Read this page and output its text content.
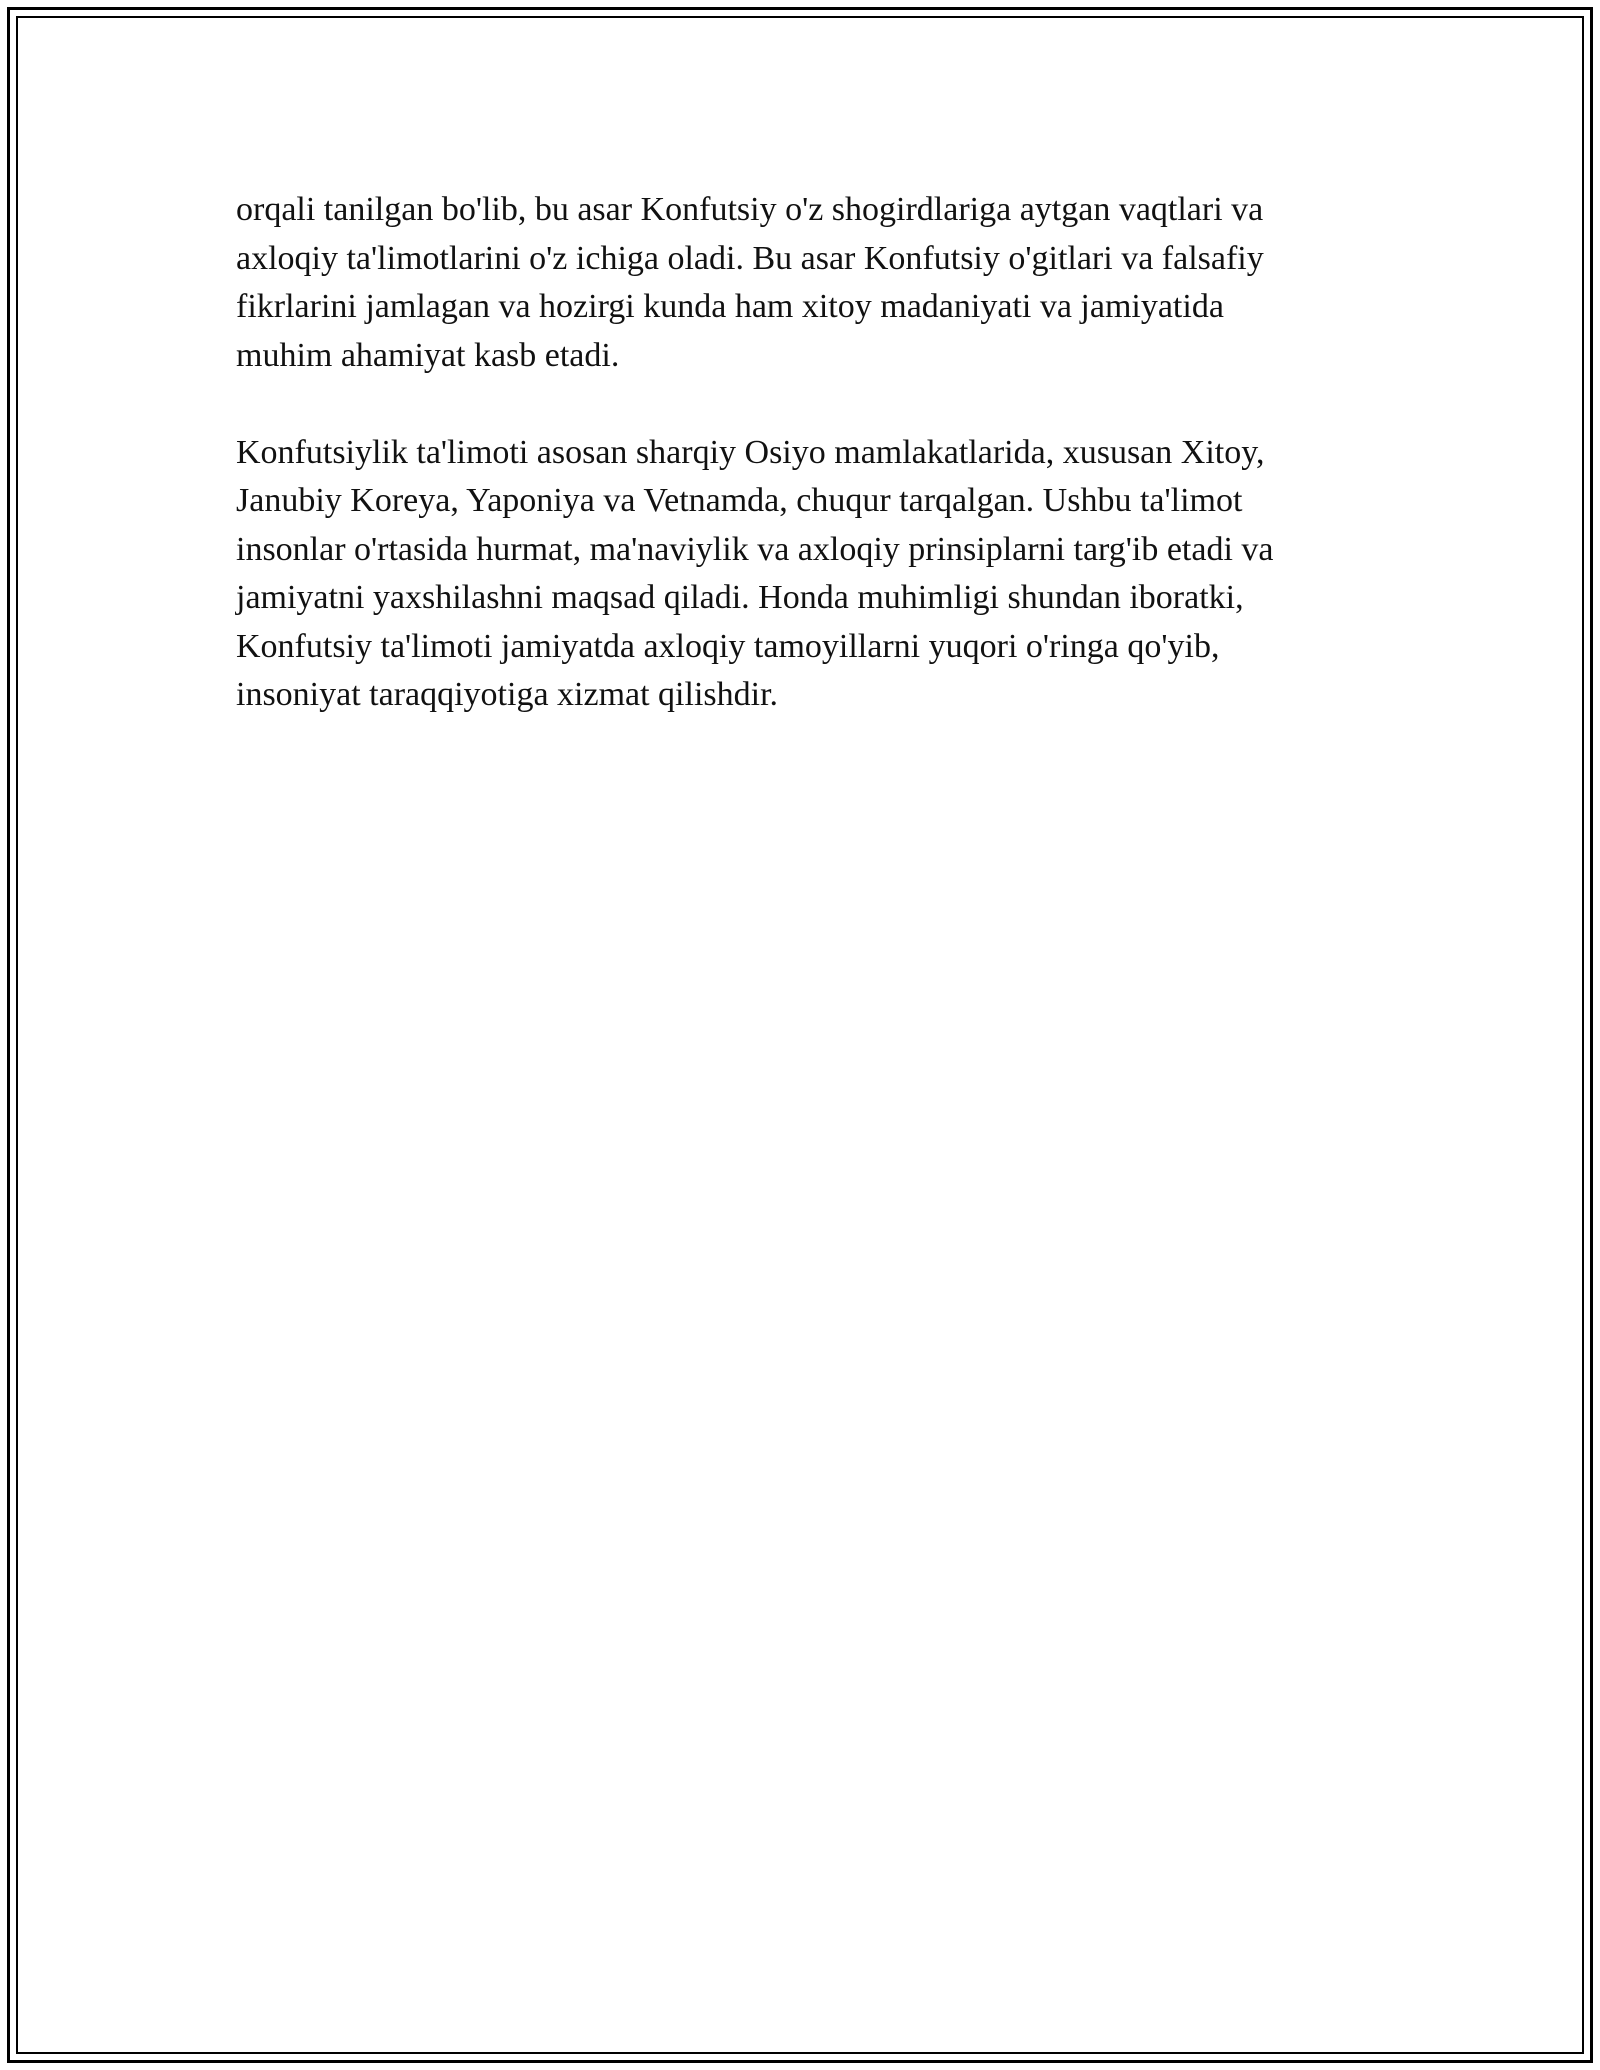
orqali tanilgan bo'lib, bu asar Konfutsiy o'z shogirdlariga aytgan vaqtlari va
axloqiy ta'limotlarini o'z ichiga oladi. Bu asar Konfutsiy o'gitlari va falsafiy
fikrlarini jamlagan va hozirgi kunda ham xitoy madaniyati va jamiyatida
muhim ahamiyat kasb etadi.

Konfutsiylik ta'limoti asosan sharqiy Osiyo mamlakatlarida, xususan Xitoy,
Janubiy Koreya, Yaponiya va Vetnamda, chuqur tarqalgan. Ushbu ta'limot
insonlar o'rtasida hurmat, ma'naviylik va axloqiy prinsiplarni targ'ib etadi va
jamiyatni yaxshilashni maqsad qiladi. Honda muhimligi shundan iboratki,
Konfutsiy ta'limoti jamiyatda axloqiy tamoyillarni yuqori o'ringa qo'yib,
insoniyat taraqqiyotiga xizmat qilishdir.
